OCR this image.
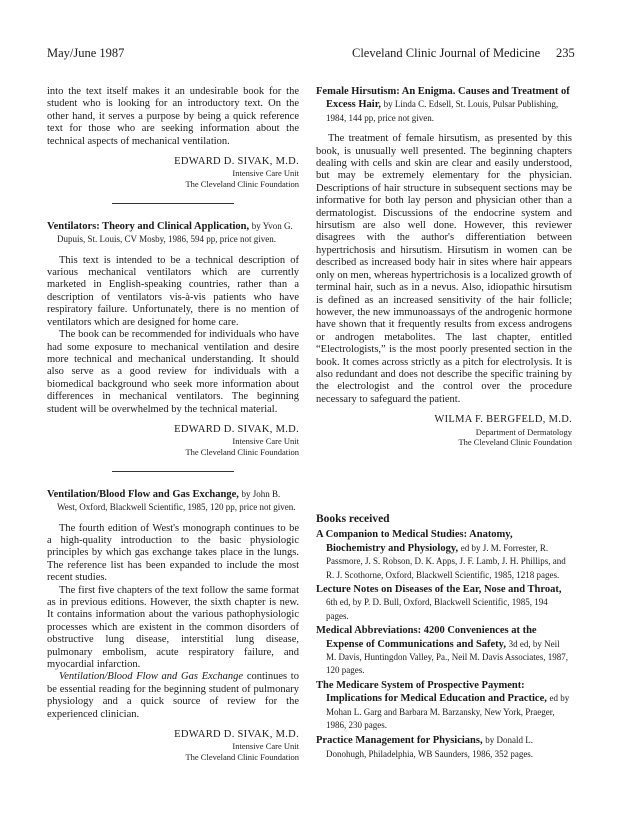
May/June 1987	Cleveland Clinic Journal of Medicine 235

into the text itself makes it an undesirable book for the student who is looking for an introductory text. On the other hand, it serves a purpose by being a quick reference text for those who are seeking information about the technical aspects of mechanical ventilation.

EDWARD D. SIVAK, M.D.
Intensive Care Unit
The Cleveland Clinic Foundation

Ventilators: Theory and Clinical Application, by Yvon G. Dupuis, St. Louis, CV Mosby, 1986, 594 pp, price not given.

This text is intended to be a technical description of various mechanical ventilators which are currently marketed in English-speaking countries, rather than a description of ventilators vis-à-vis patients who have respiratory failure. Unfortunately, there is no mention of ventilators which are designed for home care.

The book can be recommended for individuals who have had some exposure to mechanical ventilation and desire more technical and mechanical understanding. It should also serve as a good review for individuals with a biomedical background who seek more information about differences in mechanical ventilators. The beginning student will be overwhelmed by the technical material.

EDWARD D. SIVAK, M.D.
Intensive Care Unit
The Cleveland Clinic Foundation

Ventilation/Blood Flow and Gas Exchange, by John B. West, Oxford, Blackwell Scientific, 1985, 120 pp, price not given.

The fourth edition of West's monograph continues to be a high-quality introduction to the basic physiologic principles by which gas exchange takes place in the lungs. The reference list has been expanded to include the most recent studies.

The first five chapters of the text follow the same format as in previous editions. However, the sixth chapter is new. It contains information about the various pathophysiologic processes which are existent in the common disorders of obstructive lung disease, interstitial lung disease, pulmonary embolism, acute respiratory failure, and myocardial infarction.

Ventilation/Blood Flow and Gas Exchange continues to be essential reading for the beginning student of pulmonary physiology and a quick source of review for the experienced clinician.

EDWARD D. SIVAK, M.D.
Intensive Care Unit
The Cleveland Clinic Foundation

Female Hirsutism: An Enigma. Causes and Treatment of Excess Hair, by Linda C. Edsell, St. Louis, Pulsar Publishing, 1984, 144 pp, price not given.

The treatment of female hirsutism, as presented by this book, is unusually well presented. The beginning chapters dealing with cells and skin are clear and easily understood, but may be extremely elementary for the physician. Descriptions of hair structure in subsequent sections may be informative for both lay person and physician other than a dermatologist. Discussions of the endocrine system and hirsutism are also well done. However, this reviewer disagrees with the author's differentiation between hypertrichosis and hirsutism. Hirsutism in women can be described as increased body hair in sites where hair appears only on men, whereas hypertrichosis is a localized growth of terminal hair, such as in a nevus. Also, idiopathic hirsutism is defined as an increased sensitivity of the hair follicle; however, the new immunoassays of the androgenic hormone have shown that it frequently results from excess androgens or androgen metabolites. The last chapter, entitled “Electrologists,” is the most poorly presented section in the book. It comes across strictly as a pitch for electrolysis. It is also redundant and does not describe the specific training by the electrologist and the control over the procedure necessary to safeguard the patient.

WILMA F. BERGFELD, M.D.
Department of Dermatology
The Cleveland Clinic Foundation
Books received

A Companion to Medical Studies: Anatomy, Biochemistry and Physiology, ed by J. M. Forrester, R. Passmore, J. S. Robson, D. K. Apps, J. F. Lamb, J. H. Phillips, and R. J. Scothorne, Oxford, Blackwell Scientific, 1985, 1218 pages.

Lecture Notes on Diseases of the Ear, Nose and Throat, 6th ed, by P. D. Bull, Oxford, Blackwell Scientific, 1985, 194 pages.

Medical Abbreviations: 4200 Conveniences at the Expense of Communications and Safety, 3d ed, by Neil M. Davis, Huntingdon Valley, Pa., Neil M. Davis Associates, 1987, 120 pages.

The Medicare System of Prospective Payment: Implications for Medical Education and Practice, ed by Mohan L. Garg and Barbara M. Barzansky, New York, Praeger, 1986, 230 pages.

Practice Management for Physicians, by Donald L. Donohugh, Philadelphia, WB Saunders, 1986, 352 pages.
